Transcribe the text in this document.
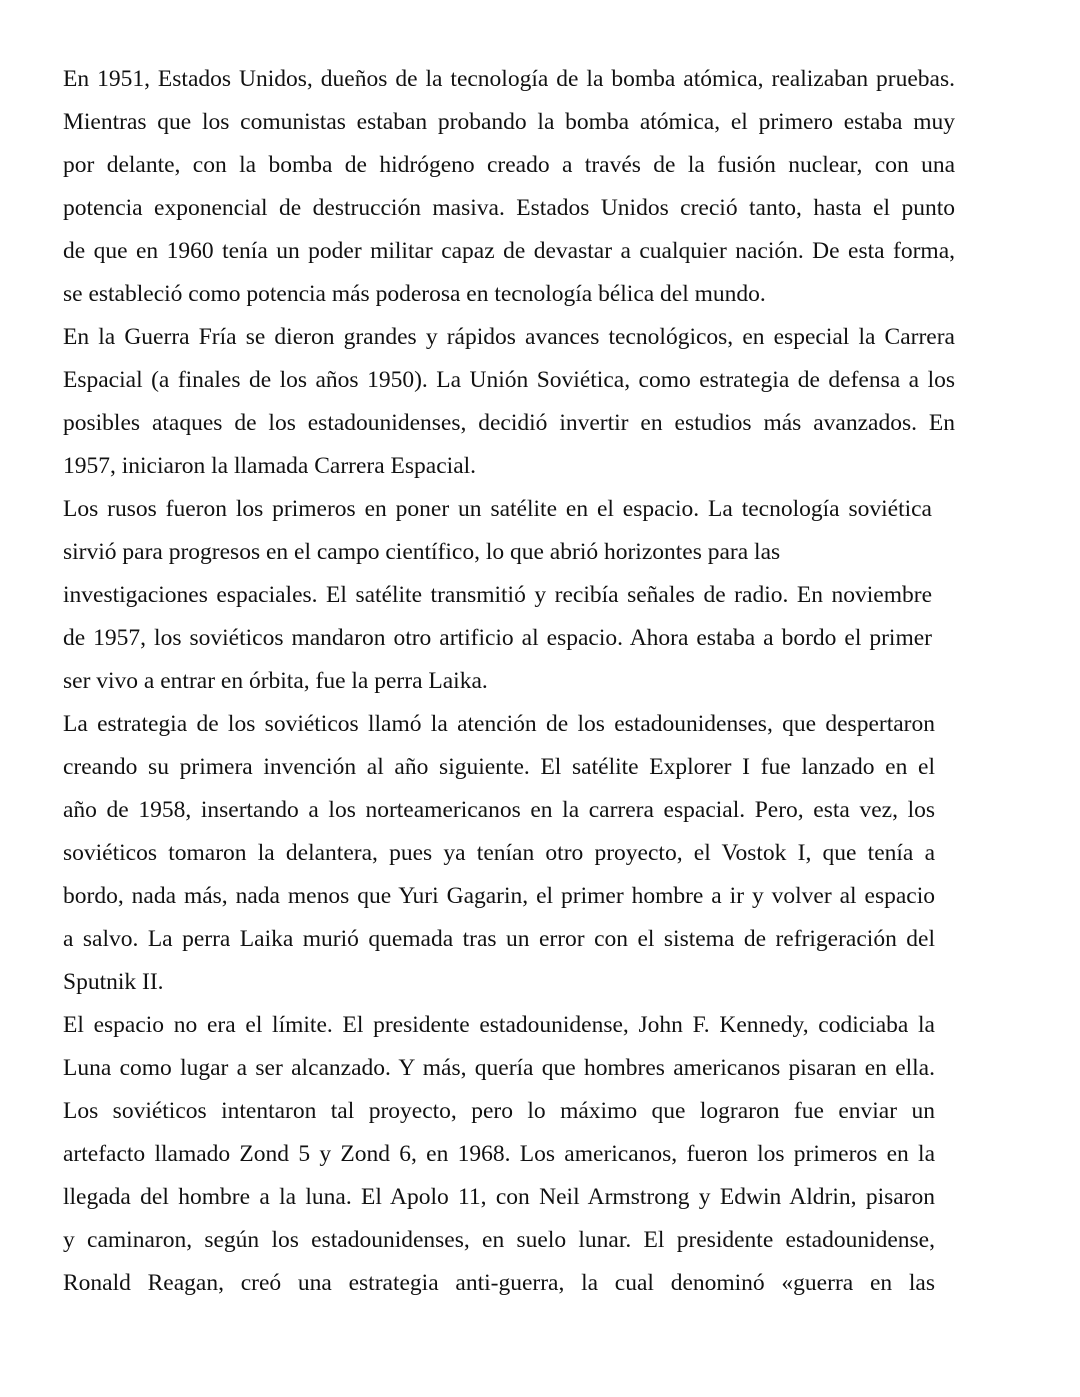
En 1951, Estados Unidos, dueños de la tecnología de la bomba atómica, realizaban pruebas.
Mientras que los comunistas estaban probando la bomba atómica, el primero estaba muy
por delante, con la bomba de hidrógeno creado a través de la fusión nuclear, con una
potencia exponencial de destrucción masiva. Estados Unidos creció tanto, hasta el punto
de que en 1960 tenía un poder militar capaz de devastar a cualquier nación. De esta forma,
se estableció como potencia más poderosa en tecnología bélica del mundo.
En la Guerra Fría se dieron grandes y rápidos avances tecnológicos, en especial la Carrera
Espacial (a finales de los años 1950). La Unión Soviética, como estrategia de defensa a los
posibles ataques de los estadounidenses, decidió invertir en estudios más avanzados. En
1957, iniciaron la llamada Carrera Espacial.
Los rusos fueron los primeros en poner un satélite en el espacio. La tecnología soviética
sirvió para progresos en el campo científico, lo que abrió horizontes para las
investigaciones espaciales. El satélite transmitió y recibía señales de radio. En noviembre
de 1957, los soviéticos mandaron otro artificio al espacio. Ahora estaba a bordo el primer
ser vivo a entrar en órbita, fue la perra Laika.
La estrategia de los soviéticos llamó la atención de los estadounidenses, que despertaron
creando su primera invención al año siguiente. El satélite Explorer I fue lanzado en el
año de 1958, insertando a los norteamericanos en la carrera espacial. Pero, esta vez, los
soviéticos tomaron la delantera, pues ya tenían otro proyecto, el Vostok I, que tenía a
bordo, nada más, nada menos que Yuri Gagarin, el primer hombre a ir y volver al espacio
a salvo. La perra Laika murió quemada tras un error con el sistema de refrigeración del
Sputnik II.
El espacio no era el límite. El presidente estadounidense, John F. Kennedy, codiciaba la
Luna como lugar a ser alcanzado. Y más, quería que hombres americanos pisaran en ella.
Los soviéticos intentaron tal proyecto, pero lo máximo que lograron fue enviar un
artefacto llamado Zond 5 y Zond 6, en 1968. Los americanos, fueron los primeros en la
llegada del hombre a la luna. El Apolo 11, con Neil Armstrong y Edwin Aldrin, pisaron
y caminaron, según los estadounidenses, en suelo lunar. El presidente estadounidense,
Ronald Reagan, creó una estrategia anti-guerra, la cual denominó «guerra en las
